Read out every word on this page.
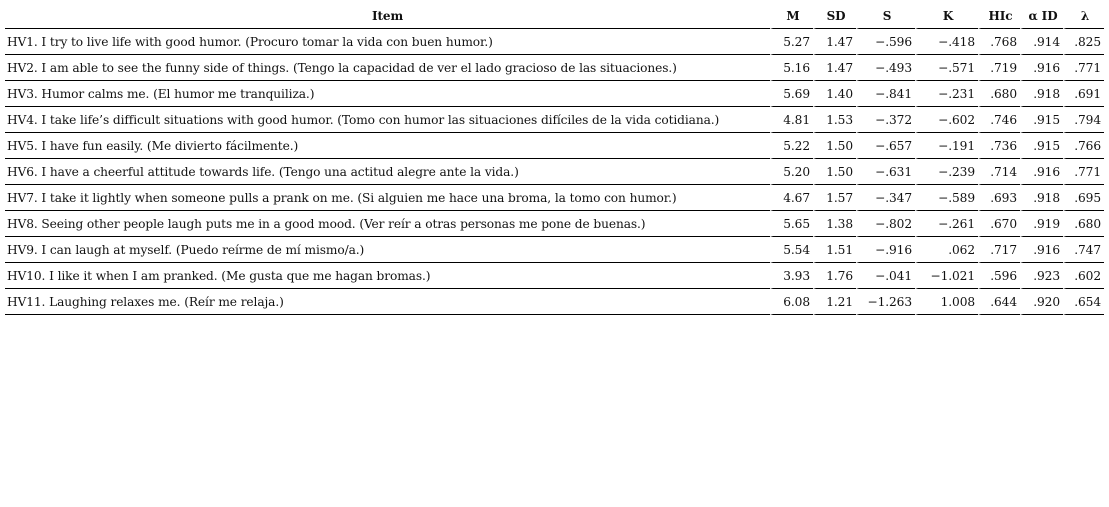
Item	M	SD	S	K	HIc	α ID	λ
HV1. I try to live life with good humor. (Procuro tomar la vida con buen humor.)	5.27	1.47	−.596	−.418	.768	.914	.825
HV2. I am able to see the funny side of things. (Tengo la capacidad de ver el lado gracioso de las situaciones.)	5.16	1.47	−.493	−.571	.719	.916	.771
HV3. Humor calms me. (El humor me tranquiliza.)	5.69	1.40	−.841	−.231	.680	.918	.691
HV4. I take life’s difficult situations with good humor. (Tomo con humor las situaciones difíciles de la vida cotidiana.)	4.81	1.53	−.372	−.602	.746	.915	.794
HV5. I have fun easily. (Me divierto fácilmente.)	5.22	1.50	−.657	−.191	.736	.915	.766
HV6. I have a cheerful attitude towards life. (Tengo una actitud alegre ante la vida.)	5.20	1.50	−.631	−.239	.714	.916	.771
HV7. I take it lightly when someone pulls a prank on me. (Si alguien me hace una broma, la tomo con humor.)	4.67	1.57	−.347	−.589	.693	.918	.695
HV8. Seeing other people laugh puts me in a good mood. (Ver reír a otras personas me pone de buenas.)	5.65	1.38	−.802	−.261	.670	.919	.680
HV9. I can laugh at myself. (Puedo reírme de mí mismo/a.)	5.54	1.51	−.916	.062	.717	.916	.747
HV10. I like it when I am pranked. (Me gusta que me hagan bromas.)	3.93	1.76	−.041	−1.021	.596	.923	.602
HV11. Laughing relaxes me. (Reír me relaja.)	6.08	1.21	−1.263	1.008	.644	.920	.654
